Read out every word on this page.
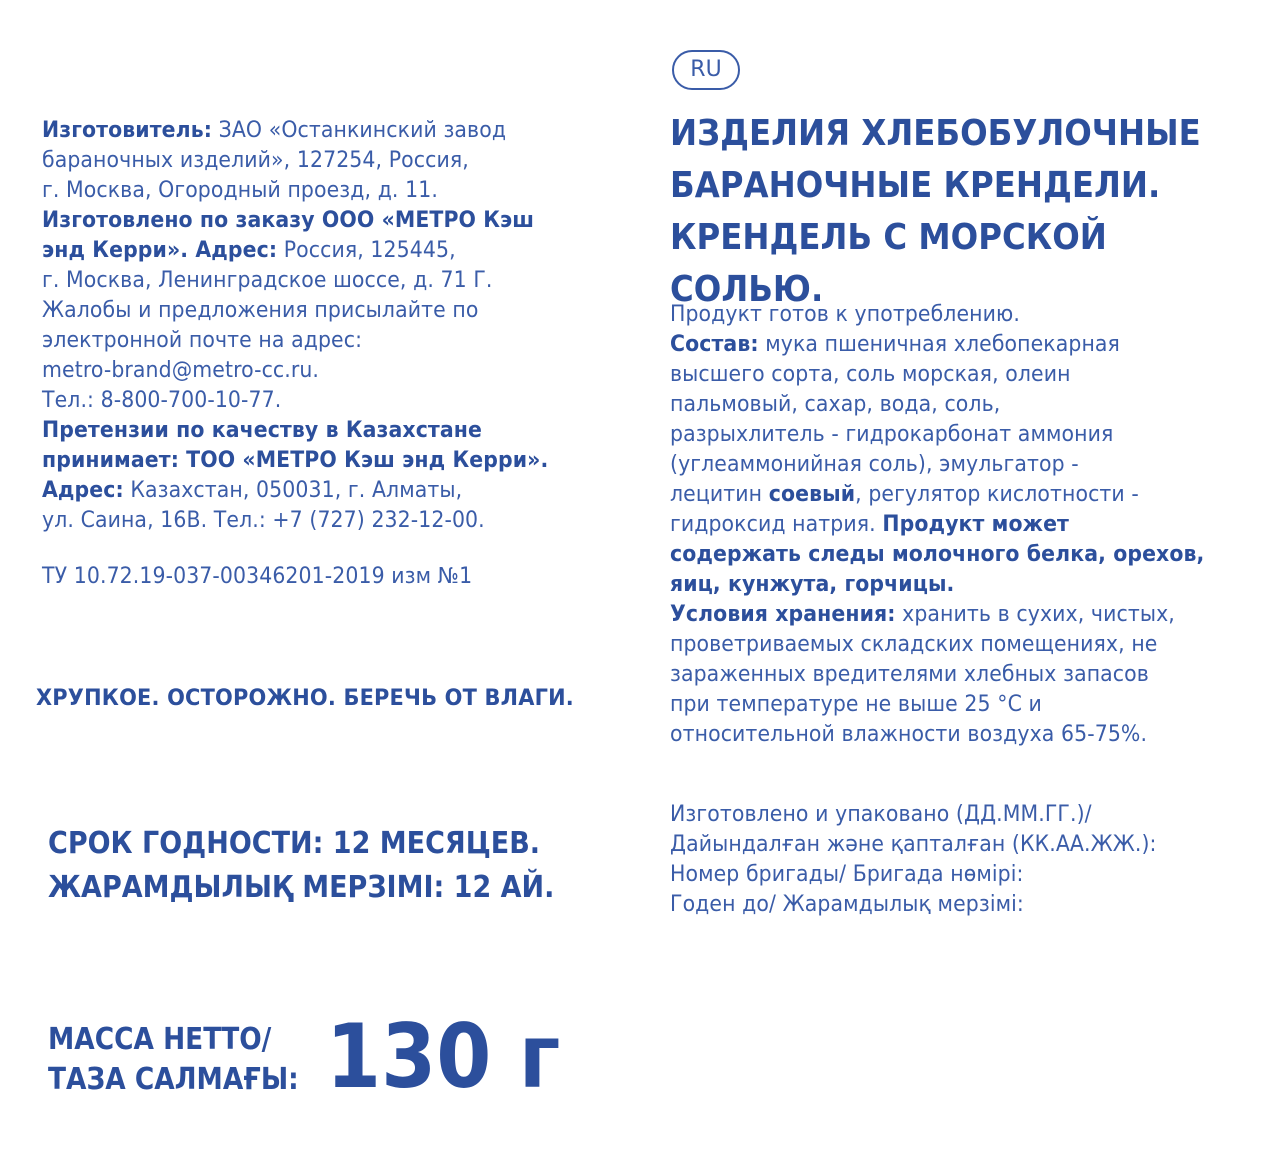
Изготовитель: ЗАО «Останкинский завод
бараночных изделий», 127254, Россия,
г. Москва, Огородный проезд, д. 11.
Изготовлено по заказу ООО «МЕТРО Кэш
энд Керри». Адрес: Россия, 125445,
г. Москва, Ленинградское шоссе, д. 71 Г.
Жалобы и предложения присылайте по
электронной почте на адрес:
metro-brand@metro-cc.ru.
Тел.: 8-800-700-10-77.
Претензии по качеству в Казахстане
принимает: ТОО «МЕТРО Кэш энд Керри».
Адрес: Казахстан, 050031, г. Алматы,
ул. Саина, 16В. Тел.: +7 (727) 232-12-00.
ТУ 10.72.19-037-00346201-2019 изм №1
ХРУПКОЕ. ОСТОРОЖНО. БЕРЕЧЬ ОТ ВЛАГИ.
СРОК ГОДНОСТИ: 12 МЕСЯЦЕВ.
ЖАРАМДЫЛЫҚ МЕРЗІМІ: 12 АЙ.
МАССА НЕТТО/
ТАЗА САЛМАҒЫ: 130 г
RU
ИЗДЕЛИЯ ХЛЕБОБУЛОЧНЫЕ
БАРАНОЧНЫЕ КРЕНДЕЛИ.
КРЕНДЕЛЬ С МОРСКОЙ
СОЛЬЮ.
Продукт готов к употреблению.
Состав: мука пшеничная хлебопекарная
высшего сорта, соль морская, олеин
пальмовый, сахар, вода, соль,
разрыхлитель - гидрокарбонат аммония
(углеаммонийная соль), эмульгатор -
лецитин соевый, регулятор кислотности -
гидроксид натрия. Продукт может
содержать следы молочного белка, орехов,
яиц, кунжута, горчицы.
Условия хранения: хранить в сухих, чистых,
проветриваемых складских помещениях, не
зараженных вредителями хлебных запасов
при температуре не выше 25 °С и
относительной влажности воздуха 65-75%.
Изготовлено и упаковано (ДД.ММ.ГГ.)/
Дайындалған және қапталған (КК.АА.ЖЖ.):
Номер бригады/ Бригада нөмірі:
Годен до/ Жарамдылық мерзімі:
